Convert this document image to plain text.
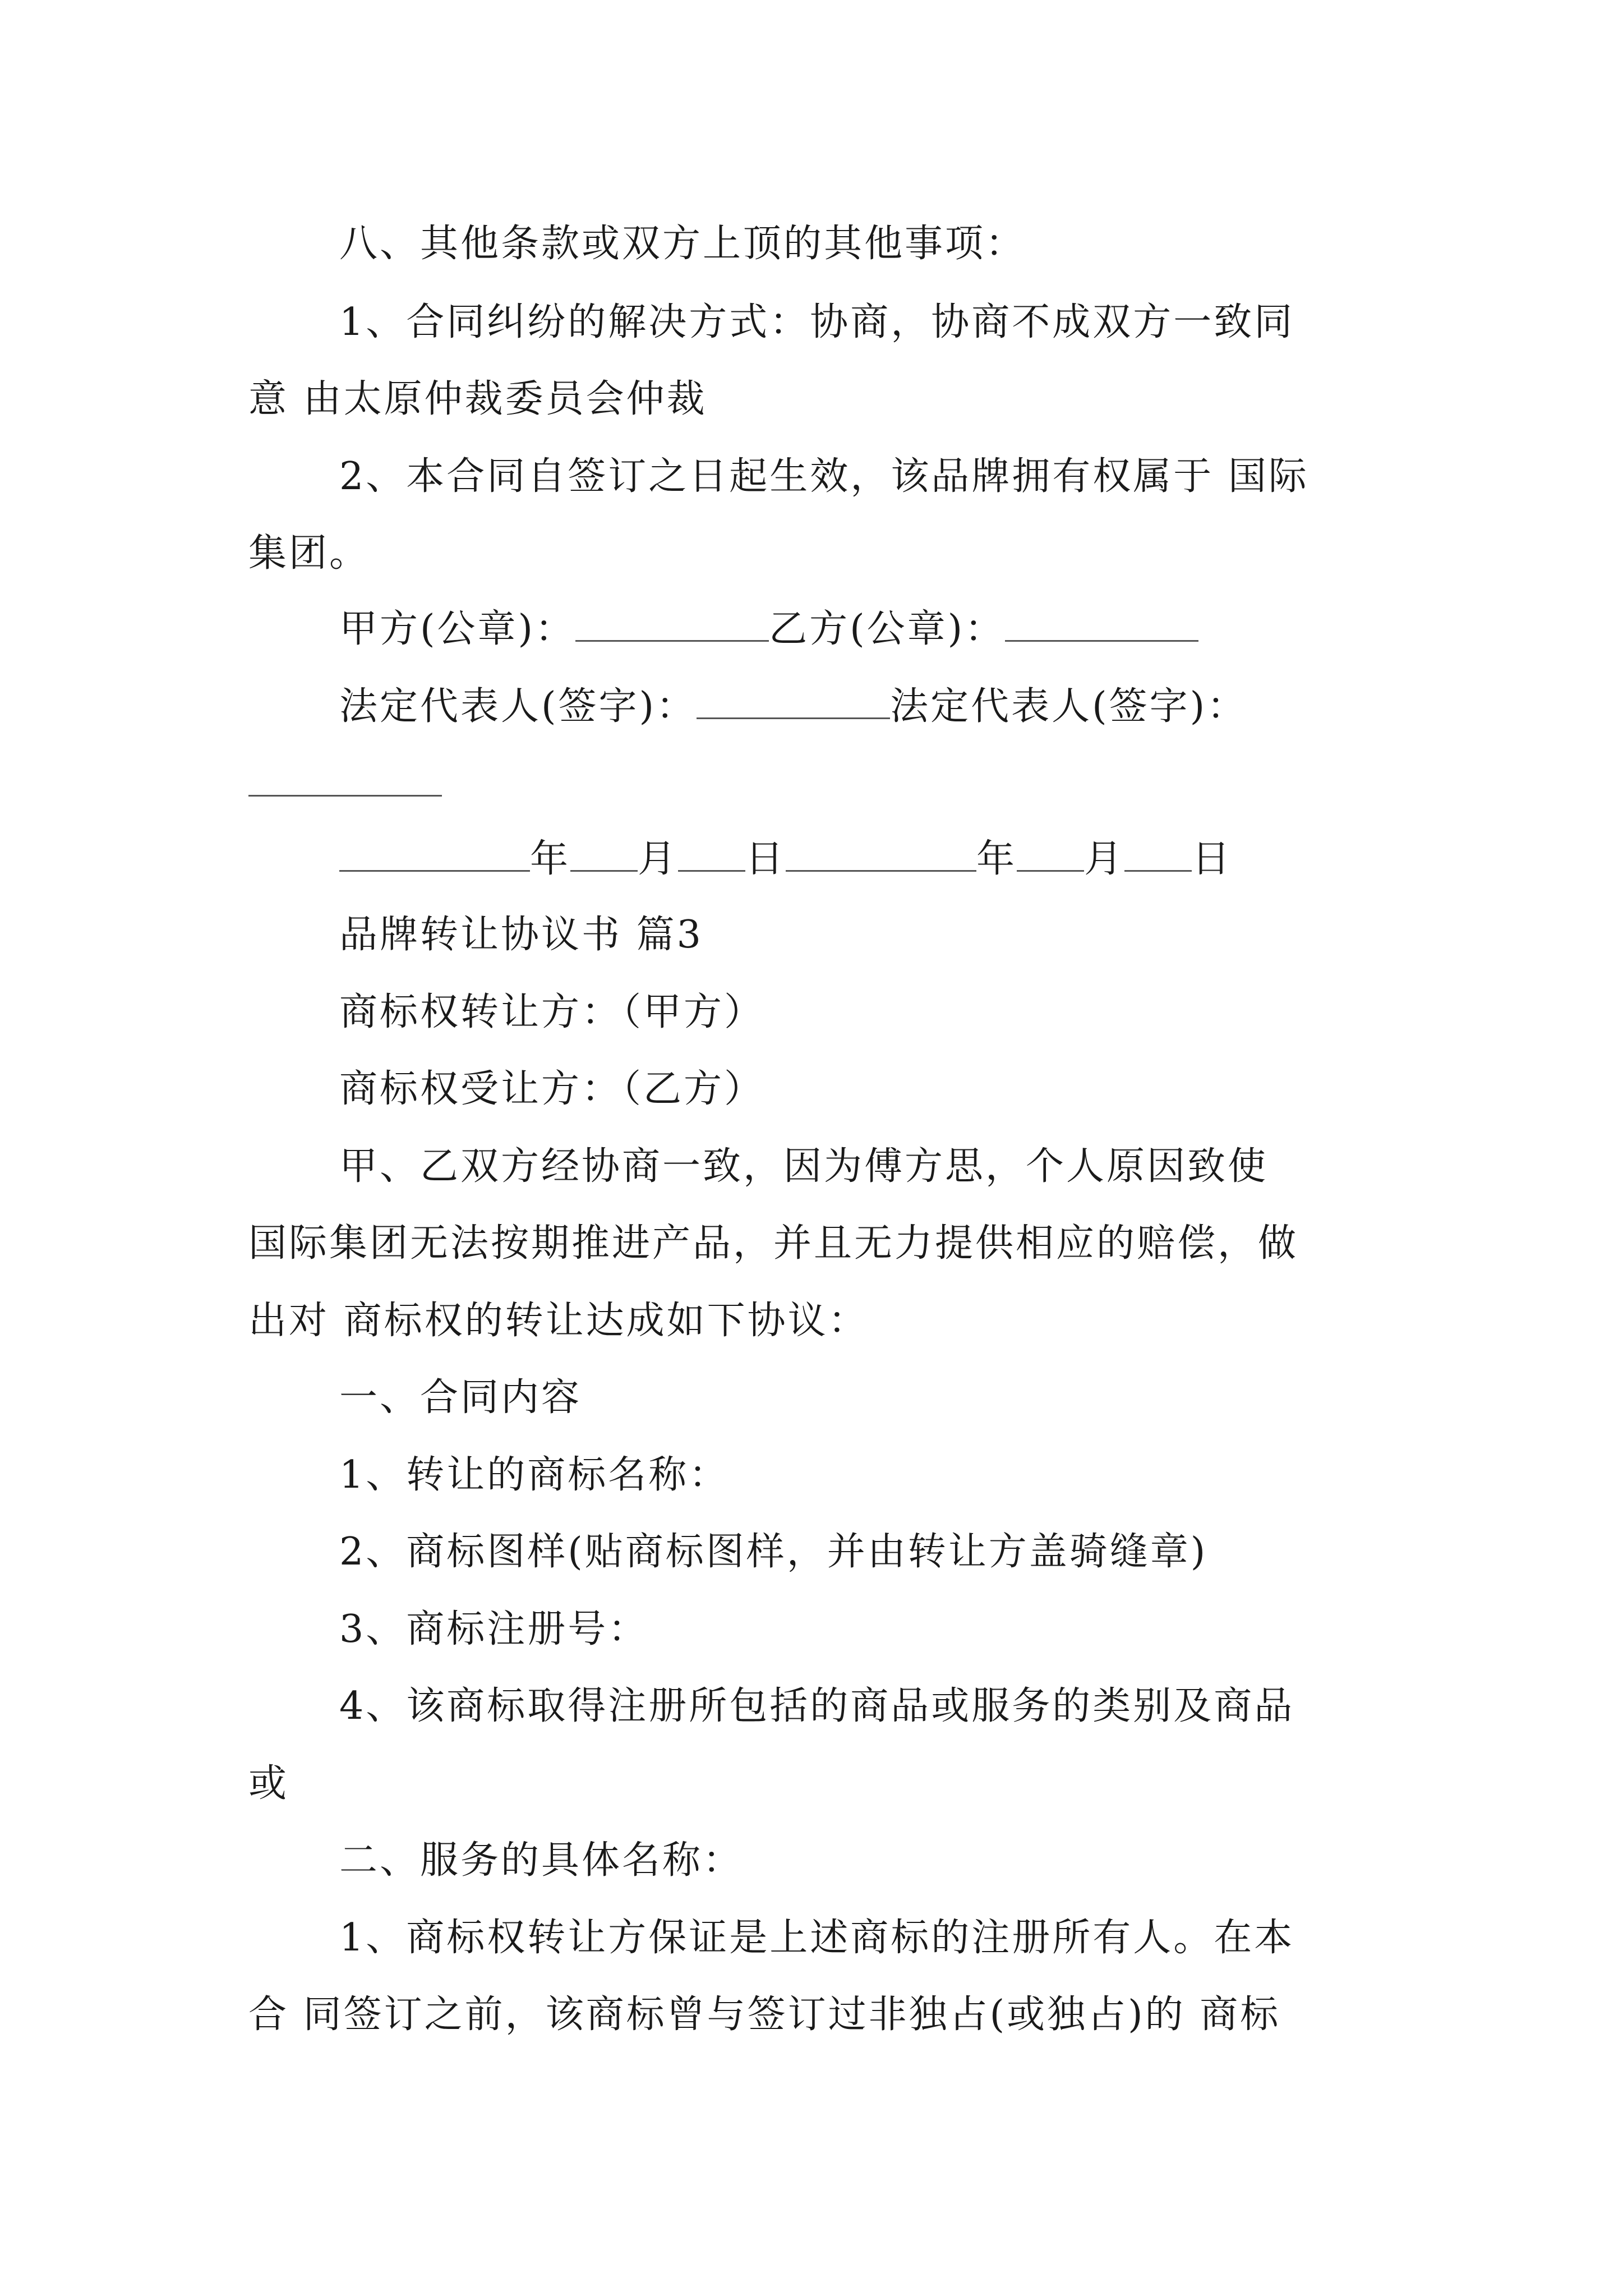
八、其他条款或双方上顶的其他事项：
1、合同纠纷的解决方式：协商，协商不成双方一致同
意 由太原仲裁委员会仲裁
2、本合同自签订之日起生效，该品牌拥有权属于 国际
集团。
甲方(公章)：	乙方(公章)：
法定代表人(签字)：	法定代表人(签字)：
年 月 日	年 月 日
品牌转让协议书 篇3
商标权转让方：（甲方）
商标权受让方：（乙方）
甲、乙双方经协商一致，因为傅方思，个人原因致使
国际集团无法按期推进产品，并且无力提供相应的赔偿，做
出对 商标权的转让达成如下协议：
一、合同内容
1、转让的商标名称：
2、商标图样(贴商标图样，并由转让方盖骑缝章)
3、商标注册号：
4、该商标取得注册所包括的商品或服务的类别及商品
或
二、服务的具体名称：
1、商标权转让方保证是上述商标的注册所有人。在本
合 同签订之前，该商标曾与签订过非独占(或独占)的 商标
